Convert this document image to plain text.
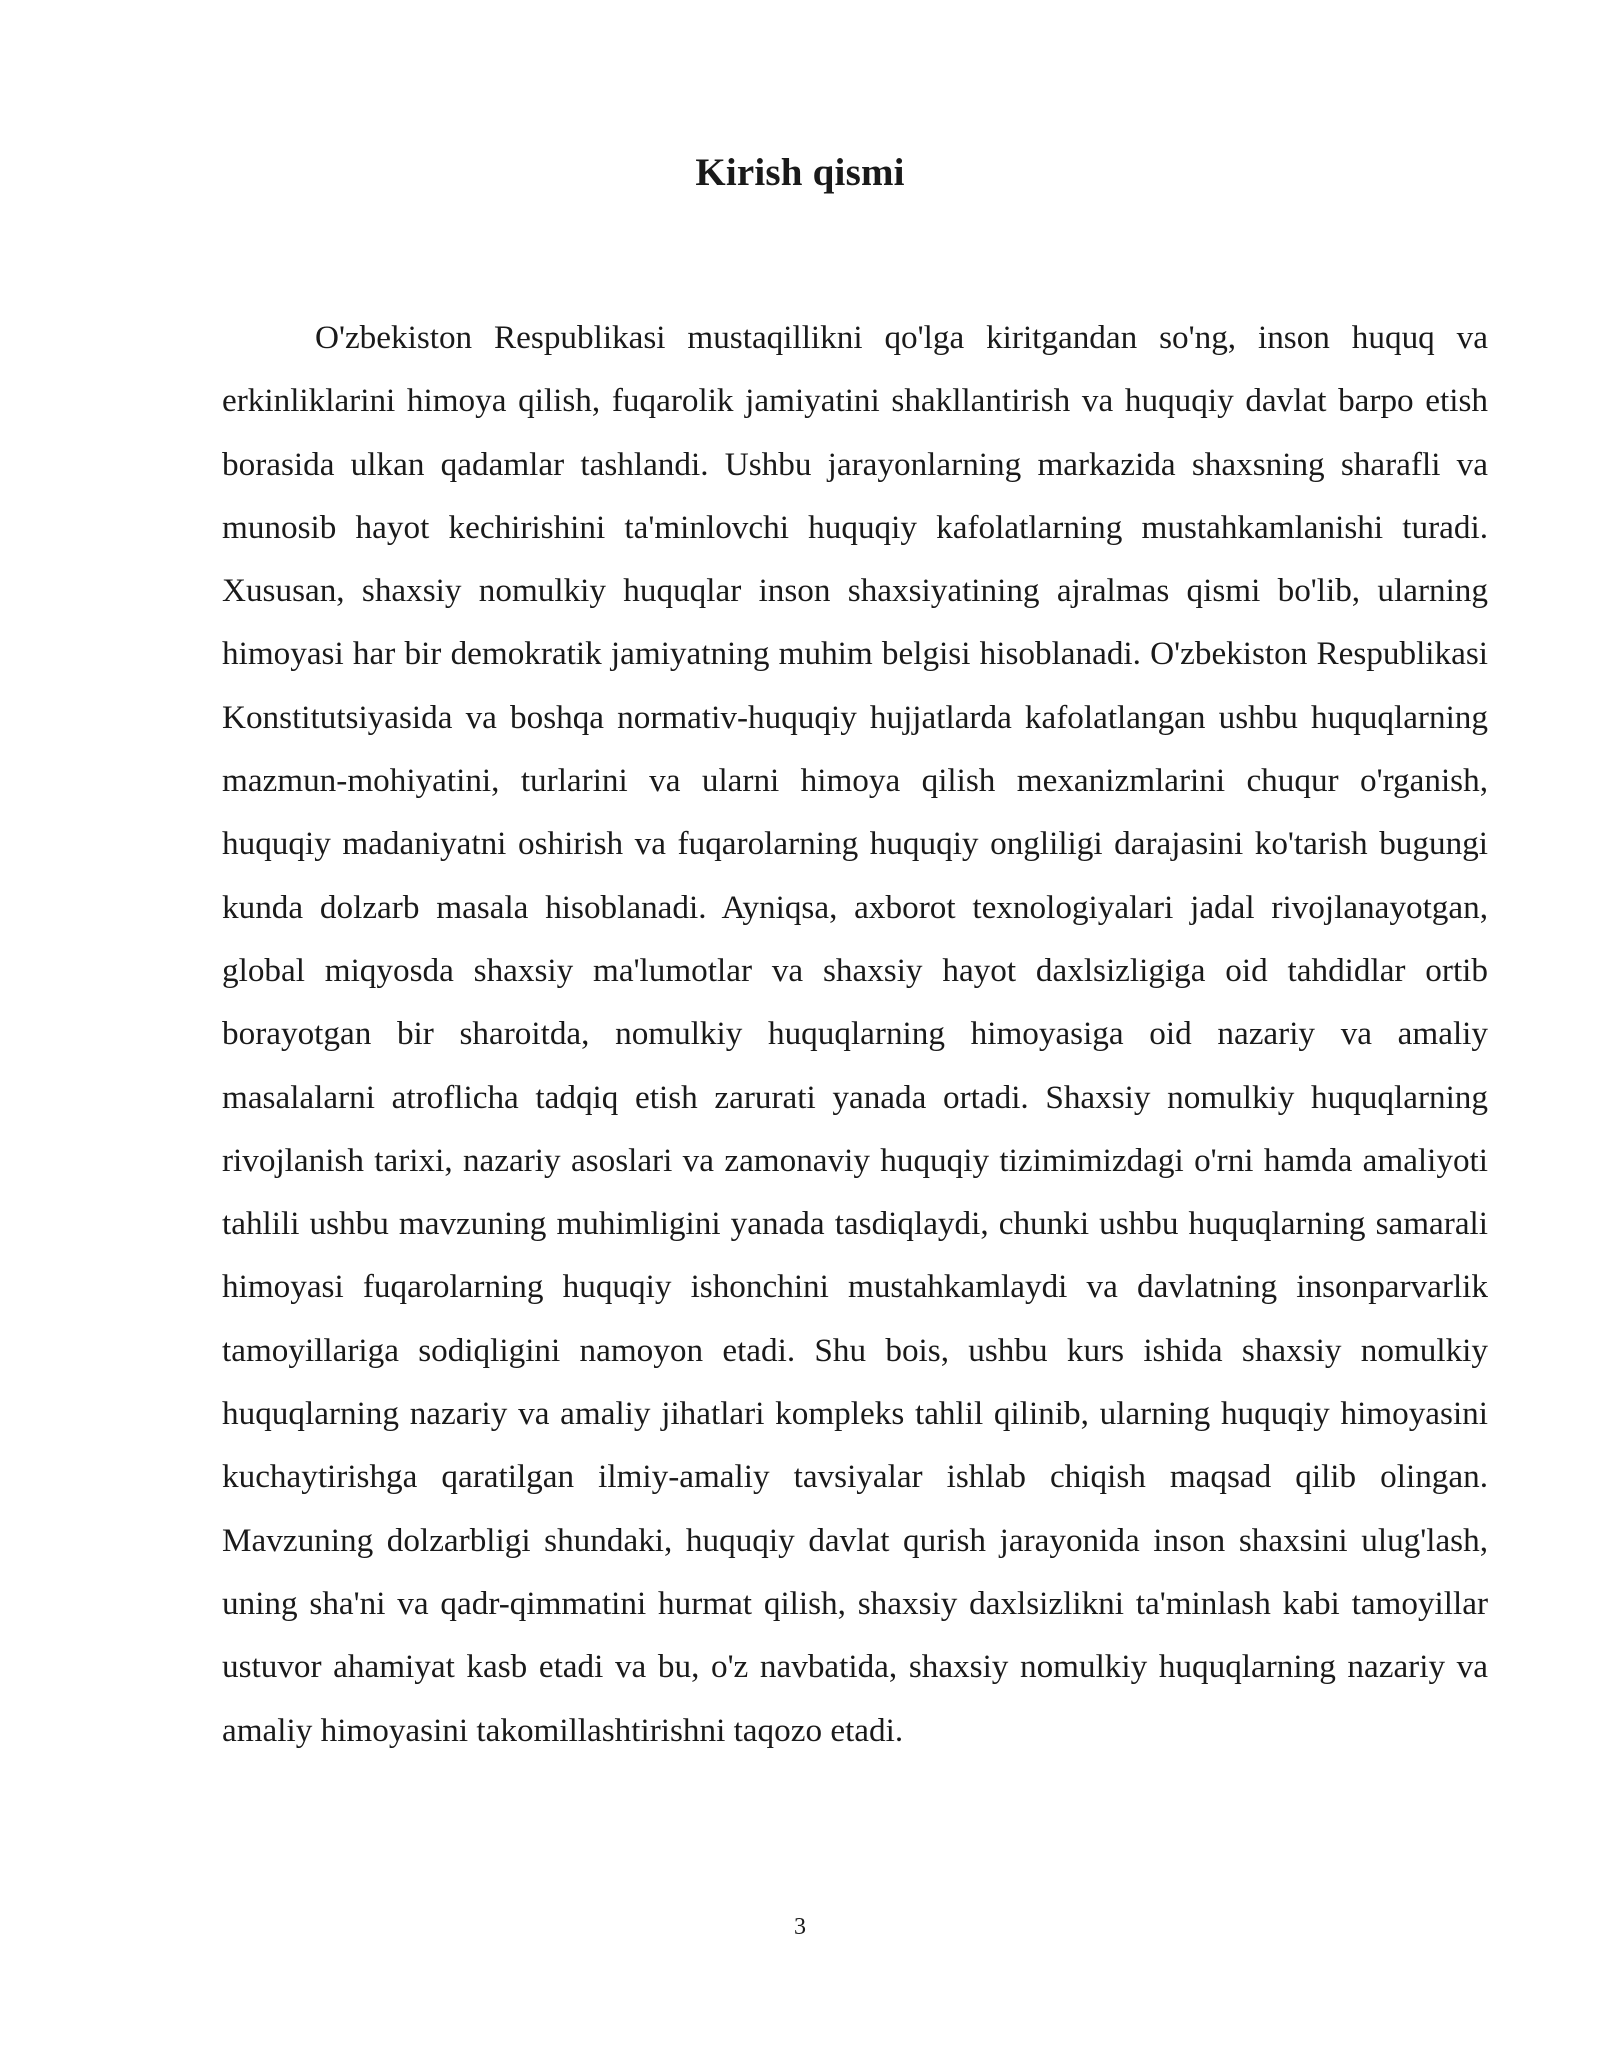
Kirish qismi

O'zbekiston Respublikasi mustaqillikni qo'lga kiritgandan so'ng, inson huquq va erkinliklarini himoya qilish, fuqarolik jamiyatini shakllantirish va huquqiy davlat barpo etish borasida ulkan qadamlar tashlandi. Ushbu jarayonlarning markazida shaxsning sharafli va munosib hayot kechirishini ta'minlovchi huquqiy kafolatlarning mustahkamlanishi turadi. Xususan, shaxsiy nomulkiy huquqlar inson shaxsiyatining ajralmas qismi bo'lib, ularning himoyasi har bir demokratik jamiyatning muhim belgisi hisoblanadi. O'zbekiston Respublikasi Konstitutsiyasida va boshqa normativ-huquqiy hujjatlarda kafolatlangan ushbu huquqlarning mazmun-mohiyatini, turlarini va ularni himoya qilish mexanizmlarini chuqur o'rganish, huquqiy madaniyatni oshirish va fuqarolarning huquqiy ongliligi darajasini ko'tarish bugungi kunda dolzarb masala hisoblanadi. Ayniqsa, axborot texnologiyalari jadal rivojlanayotgan, global miqyosda shaxsiy ma'lumotlar va shaxsiy hayot daxlsizligiga oid tahdidlar ortib borayotgan bir sharoitda, nomulkiy huquqlarning himoyasiga oid nazariy va amaliy masalalarni atroflicha tadqiq etish zarurati yanada ortadi. Shaxsiy nomulkiy huquqlarning rivojlanish tarixi, nazariy asoslari va zamonaviy huquqiy tizimimizdagi o'rni hamda amaliyoti tahlili ushbu mavzuning muhimligini yanada tasdiqlaydi, chunki ushbu huquqlarning samarali himoyasi fuqarolarning huquqiy ishonchini mustahkamlaydi va davlatning insonparvarlik tamoyillariga sodiqligini namoyon etadi. Shu bois, ushbu kurs ishida shaxsiy nomulkiy huquqlarning nazariy va amaliy jihatlari kompleks tahlil qilinib, ularning huquqiy himoyasini kuchaytirishga qaratilgan ilmiy-amaliy tavsiyalar ishlab chiqish maqsad qilib olingan. Mavzuning dolzarbligi shundaki, huquqiy davlat qurish jarayonida inson shaxsini ulug'lash, uning sha'ni va qadr-qimmatini hurmat qilish, shaxsiy daxlsizlikni ta'minlash kabi tamoyillar ustuvor ahamiyat kasb etadi va bu, o'z navbatida, shaxsiy nomulkiy huquqlarning nazariy va amaliy himoyasini takomillashtirishni taqozo etadi.

3
